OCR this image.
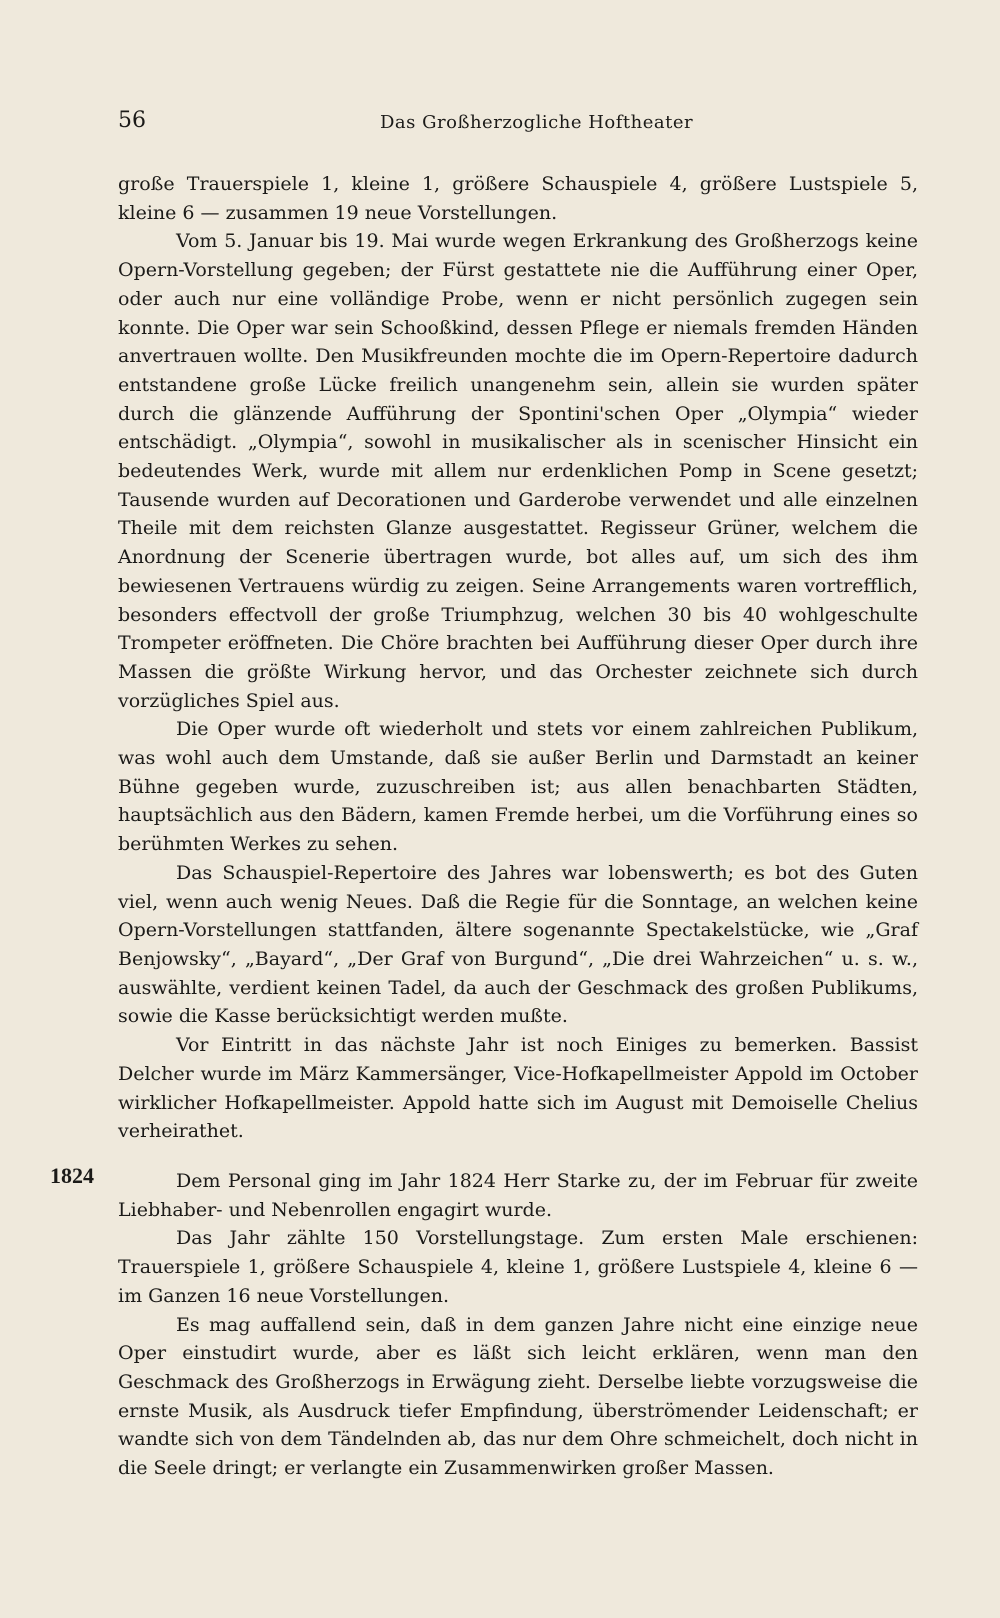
56	Das Großherzogliche Hoftheater

große Trauerspiele 1, kleine 1, größere Schauspiele 4, größere Lustspiele 5, kleine 6 — zusammen 19 neue Vorstellungen.

Vom 5. Januar bis 19. Mai wurde wegen Erkrankung des Großherzogs keine Opern-Vorstellung gegeben; der Fürst gestattete nie die Aufführung einer Oper, oder auch nur eine volländige Probe, wenn er nicht persönlich zugegen sein konnte. Die Oper war sein Schooßkind, dessen Pflege er niemals fremden Händen anvertrauen wollte. Den Musikfreunden mochte die im Opern-Repertoire dadurch entstandene große Lücke freilich unangenehm sein, allein sie wurden später durch die glänzende Aufführung der Spontini'schen Oper „Olympia“ wieder entschädigt. „Olympia“, sowohl in musikalischer als in scenischer Hinsicht ein bedeutendes Werk, wurde mit allem nur erdenklichen Pomp in Scene gesetzt; Tausende wurden auf Decorationen und Garderobe verwendet und alle einzelnen Theile mit dem reichsten Glanze ausgestattet. Regisseur Grüner, welchem die Anordnung der Scenerie übertragen wurde, bot alles auf, um sich des ihm bewiesenen Vertrauens würdig zu zeigen. Seine Arrangements waren vortrefflich, besonders effectvoll der große Triumphzug, welchen 30 bis 40 wohlgeschulte Trompeter eröffneten. Die Chöre brachten bei Aufführung dieser Oper durch ihre Massen die größte Wirkung hervor, und das Orchester zeichnete sich durch vorzügliches Spiel aus.

Die Oper wurde oft wiederholt und stets vor einem zahlreichen Publikum, was wohl auch dem Umstande, daß sie außer Berlin und Darmstadt an keiner Bühne gegeben wurde, zuzuschreiben ist; aus allen benachbarten Städten, hauptsächlich aus den Bädern, kamen Fremde herbei, um die Vorführung eines so berühmten Werkes zu sehen.

Das Schauspiel-Repertoire des Jahres war lobenswerth; es bot des Guten viel, wenn auch wenig Neues. Daß die Regie für die Sonntage, an welchen keine Opern-Vorstellungen stattfanden, ältere sogenannte Spectakelstücke, wie „Graf Benjowsky“, „Bayard“, „Der Graf von Burgund“, „Die drei Wahrzeichen“ u. s. w., auswählte, verdient keinen Tadel, da auch der Geschmack des großen Publikums, sowie die Kasse berücksichtigt werden mußte.

Vor Eintritt in das nächste Jahr ist noch Einiges zu bemerken. Bassist Delcher wurde im März Kammersänger, Vice-Hofkapellmeister Appold im October wirklicher Hofkapellmeister. Appold hatte sich im August mit Demoiselle Chelius verheirathet.

1824	Dem Personal ging im Jahr 1824 Herr Starke zu, der im Februar für zweite Liebhaber- und Nebenrollen engagirt wurde.

Das Jahr zählte 150 Vorstellungstage. Zum ersten Male erschienen: Trauerspiele 1, größere Schauspiele 4, kleine 1, größere Lustspiele 4, kleine 6 — im Ganzen 16 neue Vorstellungen.

Es mag auffallend sein, daß in dem ganzen Jahre nicht eine einzige neue Oper einstudirt wurde, aber es läßt sich leicht erklären, wenn man den Geschmack des Großherzogs in Erwägung zieht. Derselbe liebte vorzugsweise die ernste Musik, als Ausdruck tiefer Empfindung, überströmender Leidenschaft; er wandte sich von dem Tändelnden ab, das nur dem Ohre schmeichelt, doch nicht in die Seele dringt; er verlangte ein Zusammenwirken großer Massen.
